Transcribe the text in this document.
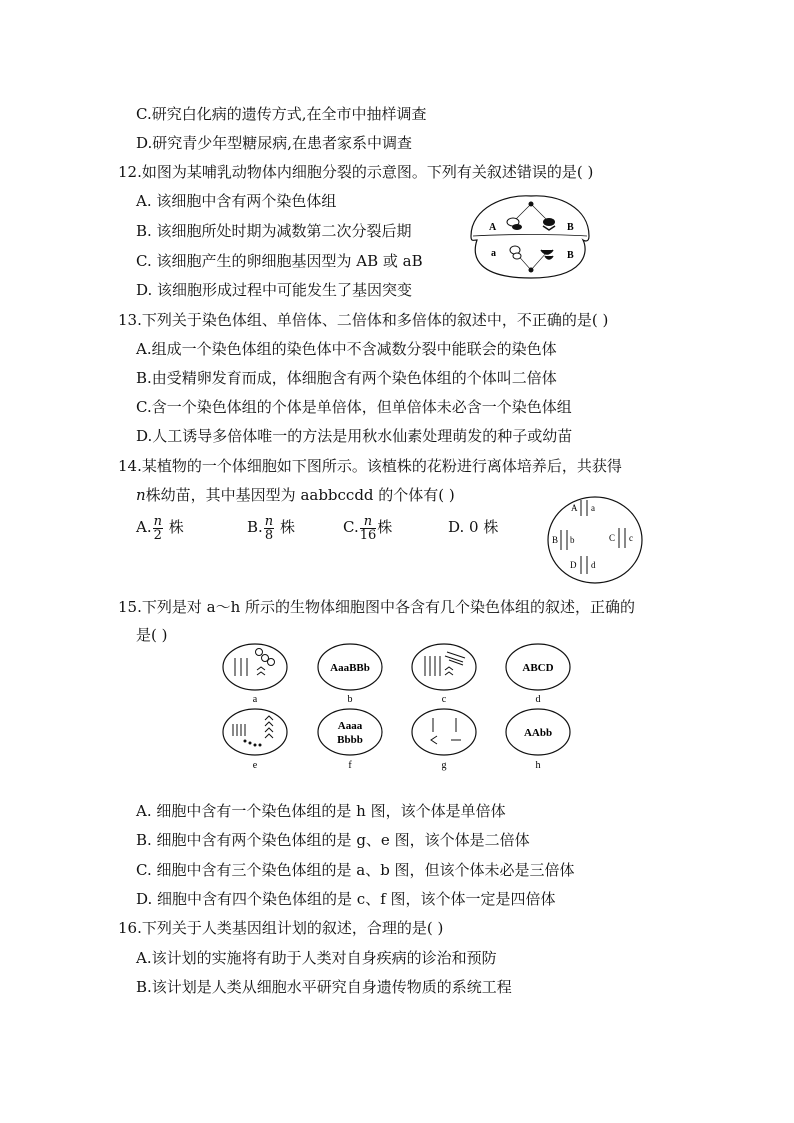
C.研究白化病的遗传方式,在全市中抽样调查
D.研究青少年型糖尿病,在患者家系中调查
12.如图为某哺乳动物体内细胞分裂的示意图。下列有关叙述错误的是( )
A. 该细胞中含有两个染色体组
B. 该细胞所处时期为减数第二次分裂后期
C. 该细胞产生的卵细胞基因型为 AB 或 aB
D. 该细胞形成过程中可能发生了基因突变
A	B
a	B
13.下列关于染色体组、单倍体、二倍体和多倍体的叙述中，不正确的是( )
A.组成一个染色体组的染色体中不含减数分裂中能联会的染色体
B.由受精卵发育而成，体细胞含有两个染色体组的个体叫二倍体
C.含一个染色体组的个体是单倍体，但单倍体未必含一个染色体组
D.人工诱导多倍体唯一的方法是用秋水仙素处理萌发的种子或幼苗
14.某植物的一个体细胞如下图所示。该植株的花粉进行离体培养后，共获得
n株幼苗，其中基因型为 aabbccdd 的个体有( )
A. $\frac{n}{2}$ 株	B. $\frac{n}{8}$ 株	C. $\frac{n}{16}$ 株	D. 0 株
A a
B b	C c
D d
15.下列是对 a～h 所示的生物体细胞图中各含有几个染色体组的叙述，正确的
是( )
AaaBBb	ABCD
a	b	c	d
Aaaa
Bbbb
AAbb
e	f	g	h
A. 细胞中含有一个染色体组的是 h 图，该个体是单倍体
B. 细胞中含有两个染色体组的是 g、e 图，该个体是二倍体
C. 细胞中含有三个染色体组的是 a、b 图，但该个体未必是三倍体
D. 细胞中含有四个染色体组的是 c、f 图，该个体一定是四倍体
16.下列关于人类基因组计划的叙述，合理的是( )
A.该计划的实施将有助于人类对自身疾病的诊治和预防
B.该计划是人类从细胞水平研究自身遗传物质的系统工程
